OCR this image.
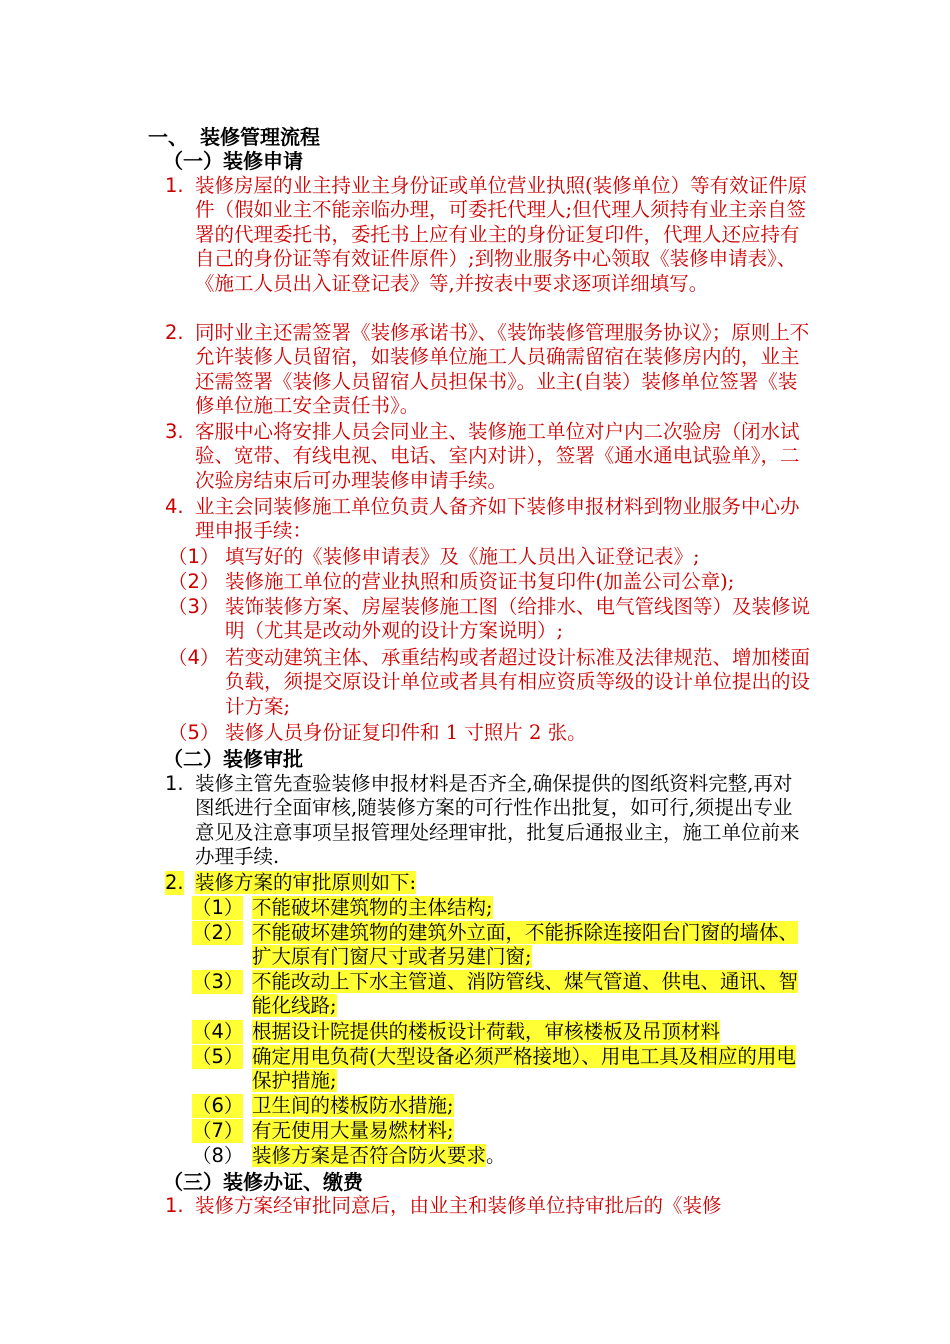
一、 装修管理流程
（一）装修申请
1. 装修房屋的业主持业主身份证或单位营业执照(装修单位）等有效证件原件（假如业主不能亲临办理，可委托代理人;但代理人须持有业主亲自签署的代理委托书，委托书上应有业主的身份证复印件，代理人还应持有自己的身份证等有效证件原件）;到物业服务中心领取《装修申请表》、《施工人员出入证登记表》等,并按表中要求逐项详细填写。
2. 同时业主还需签署《装修承诺书》、《装饰装修管理服务协议》；原则上不允许装修人员留宿，如装修单位施工人员确需留宿在装修房内的，业主还需签署《装修人员留宿人员担保书》。业主(自装）装修单位签署《装修单位施工安全责任书》。
3. 客服中心将安排人员会同业主、装修施工单位对户内二次验房（闭水试验、宽带、有线电视、电话、室内对讲），签署《通水通电试验单》，二次验房结束后可办理装修申请手续。
4. 业主会同装修施工单位负责人备齐如下装修申报材料到物业服务中心办理申报手续：
（1） 填写好的《装修申请表》及《施工人员出入证登记表》;
（2） 装修施工单位的营业执照和质资证书复印件(加盖公司公章);
（3） 装饰装修方案、房屋装修施工图（给排水、电气管线图等）及装修说明（尤其是改动外观的设计方案说明）;
（4） 若变动建筑主体、承重结构或者超过设计标准及法律规范、增加楼面负载，须提交原设计单位或者具有相应资质等级的设计单位提出的设计方案;
（5） 装修人员身份证复印件和 1 寸照片 2 张。
（二）装修审批
1. 装修主管先查验装修申报材料是否齐全,确保提供的图纸资料完整,再对图纸进行全面审核,随装修方案的可行性作出批复，如可行,须提出专业意见及注意事项呈报管理处经理审批，批复后通报业主，施工单位前来办理手续.
2. 装修方案的审批原则如下:
（1） 不能破坏建筑物的主体结构;
（2） 不能破坏建筑物的建筑外立面，不能拆除连接阳台门窗的墙体、扩大原有门窗尺寸或者另建门窗;
（3） 不能改动上下水主管道、消防管线、煤气管道、供电、通讯、智能化线路;
（4） 根据设计院提供的楼板设计荷载，审核楼板及吊顶材料
（5） 确定用电负荷(大型设备必须严格接地）、用电工具及相应的用电保护措施;
（6） 卫生间的楼板防水措施;
（7） 有无使用大量易燃材料;
（8） 装修方案是否符合防火要求。
（三）装修办证、缴费
1. 装修方案经审批同意后，由业主和装修单位持审批后的《装修
